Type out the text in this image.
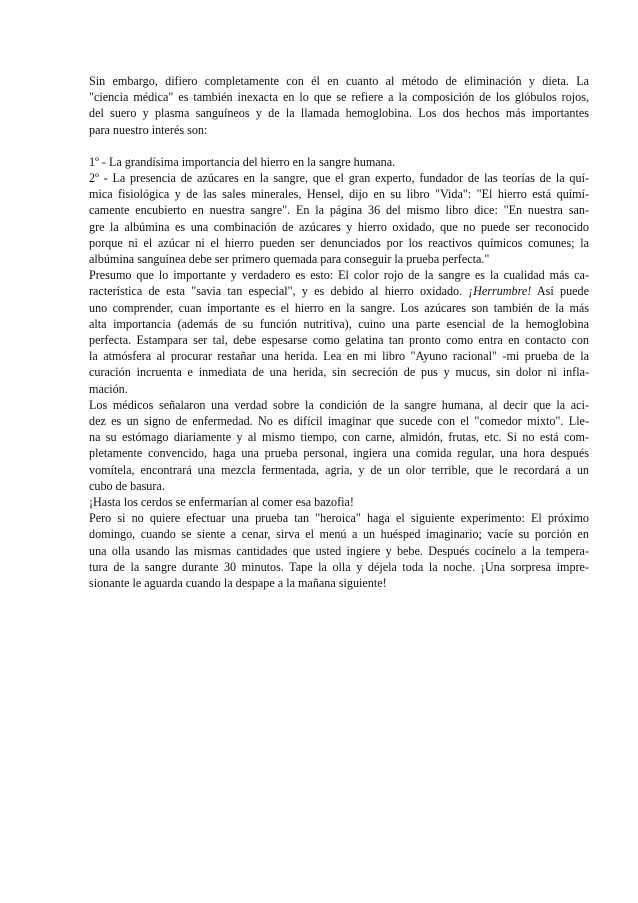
Sin embargo, difiero completamente con él en cuanto al método de eliminación y dieta. La
"ciencia médica" es también inexacta en lo que se refiere a la composición de los glóbulos rojos,
del suero y plasma sanguíneos y de la llamada hemoglobina. Los dos hechos más importantes
para nuestro interés son:
1º - La grandísima importancia del hierro en la sangre humana.
2º - La presencia de azúcares en la sangre, que el gran experto, fundador de las teorías de la quí-
mica fisiológica y de las sales minerales, Hensel, dijo en su libro "Vida": "El hierro está químí-
camente encubierto en nuestra sangre". En la página 36 del mismo libro dice: "En nuestra san-
gre la albúmina es una combinación de azúcares y hierro oxidado, que no puede ser reconocido
porque ni el azúcar ni el hierro pueden ser denunciados por los reactivos químicos comunes; la
albúmina sanguínea debe ser primero quemada para conseguir la prueba perfecta."
Presumo que lo importante y verdadero es esto: El color rojo de la sangre es la cualidad más ca-
racterística de esta "savia tan especial", y es debido al hierro oxidado. ¡Herrumbre! Así puede
uno comprender, cuan importante es el hierro en la sangre. Los azúcares son también de la más
alta importancia (además de su función nutritiva), cuino una parte esencial de la hemoglobina
perfecta. Estampara ser tal, debe espesarse como gelatina tan pronto como entra en contacto con
la atmósfera al procurar restañar una herida. Lea en mi libro "Ayuno racional" -mi prueba de la
curación incruenta e inmediata de una herida, sin secreción de pus y mucus, sin dolor ni infla-
mación.
Los médicos señalaron una verdad sobre la condición de la sangre humana, al decir que la aci-
dez es un signo de enfermedad. No es difícil imaginar que sucede con el "comedor mixto". Lle-
na su estómago diariamente y al mismo tiempo, con carne, almidón, frutas, etc. Si no está com-
pletamente convencido, haga una prueba personal, ingiera una comida regular, una hora después
vomítela, encontrará una mezcla fermentada, agria, y de un olor terrible, que le recordará a un
cubo de basura.
¡Hasta los cerdos se enfermarían al comer esa bazofia!
Pero si no quiere efectuar una prueba tan "heroica" haga el siguiente experimento: El próximo
domingo, cuando se siente a cenar, sirva el menú a un huésped imaginario; vacíe su porción en
una olla usando las mismas cantidades que usted ingiere y bebe. Después cocínelo a la tempera-
tura de la sangre durante 30 minutos. Tape la olla y déjela toda la noche. ¡Una sorpresa impre-
sionante le aguarda cuando la despape a la mañana siguiente!
